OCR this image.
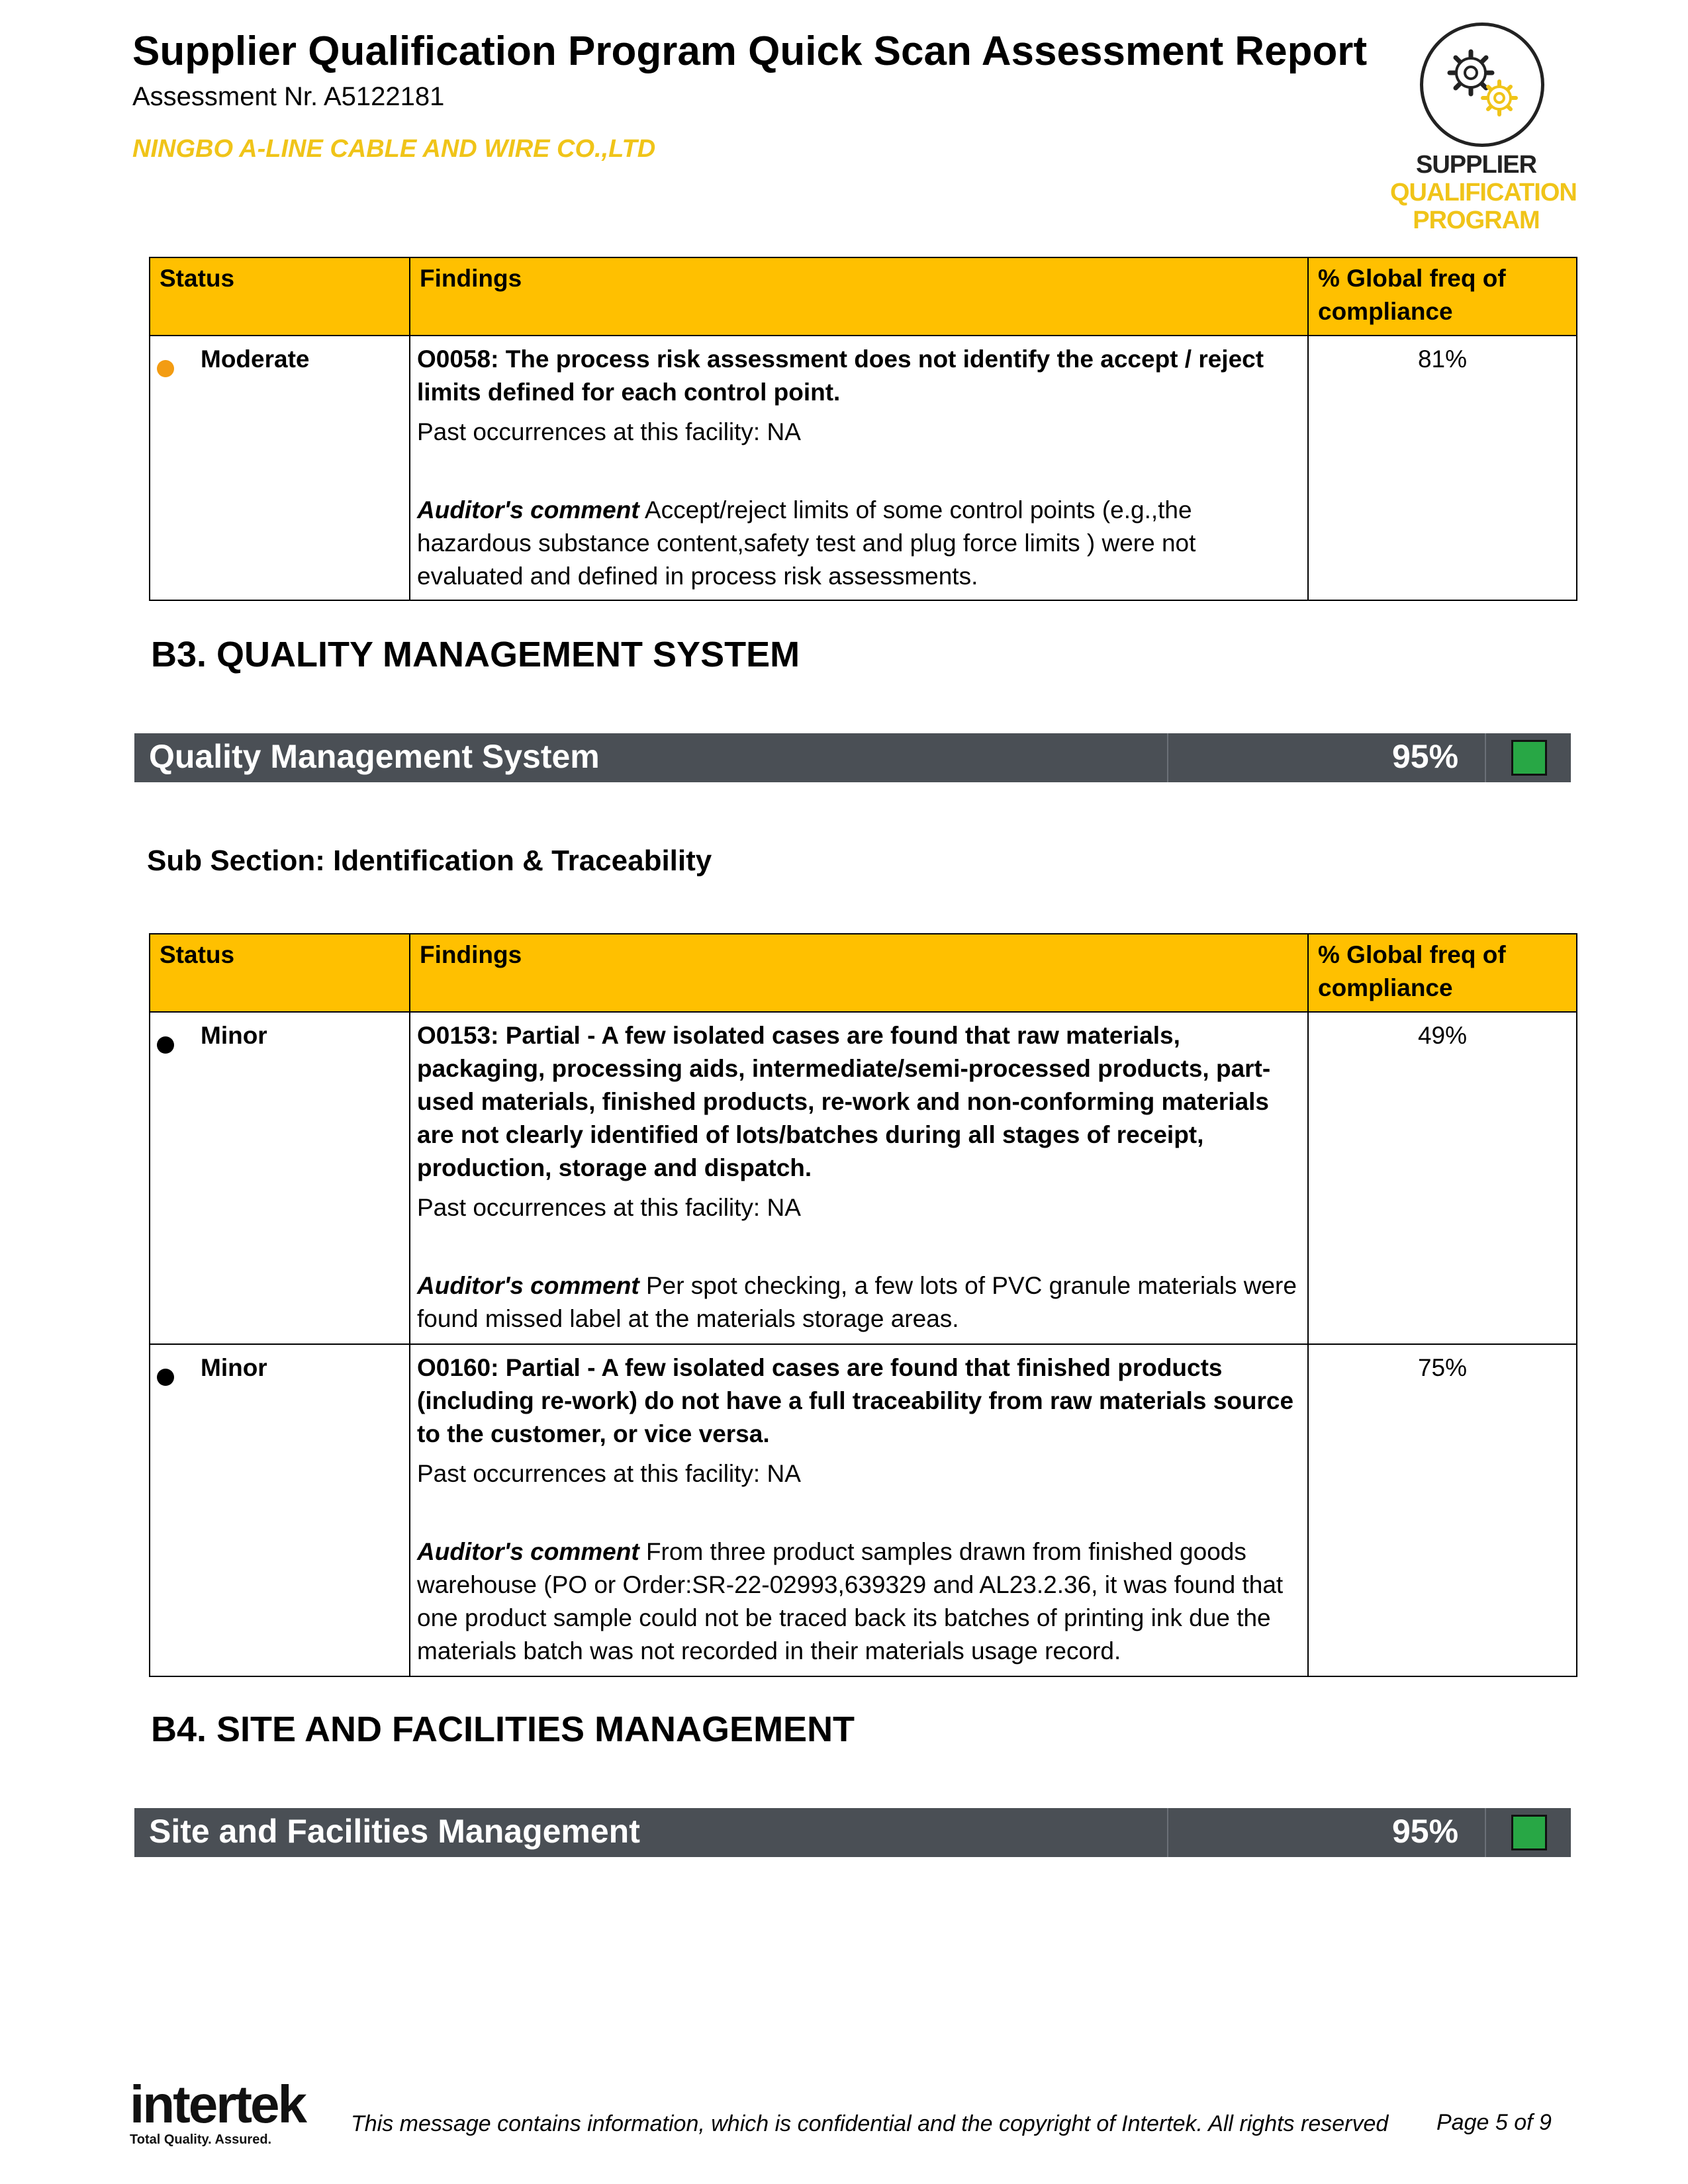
Supplier Qualification Program Quick Scan Assessment Report
Assessment Nr. A5122181
NINGBO A-LINE CABLE AND WIRE CO.,LTD
SUPPLIER
QUALIFICATION
PROGRAM
Status	Findings	% Global freq of compliance

Moderate	O0058: The process risk assessment does not identify the accept / reject limits defined for each control point.
Past occurrences at this facility: NA
Auditor's comment Accept/reject limits of some control points (e.g.,the hazardous substance content,safety test and plug force limits ) were not evaluated and defined in process risk assessments.	81%
B3. QUALITY MANAGEMENT SYSTEM
Quality Management System	95%
Sub Section: Identification & Traceability
Status	Findings	% Global freq of compliance

Minor	O0153: Partial - A few isolated cases are found that raw materials, packaging, processing aids, intermediate/semi-processed products, part-used materials, finished products, re-work and non-conforming materials are not clearly identified of lots/batches during all stages of receipt, production, storage and dispatch.
Past occurrences at this facility: NA
Auditor's comment Per spot checking, a few lots of PVC granule materials were found missed label at the materials storage areas.	49%

Minor	O0160: Partial - A few isolated cases are found that finished products (including re-work) do not have a full traceability from raw materials source to the customer, or vice versa.
Past occurrences at this facility: NA
Auditor's comment From three product samples drawn from finished goods warehouse (PO or Order:SR-22-02993,639329 and AL23.2.36, it was found that one product sample could not be traced back its batches of printing ink due the materials batch was not recorded in their materials usage record.	75%
B4. SITE AND FACILITIES MANAGEMENT
Site and Facilities Management	95%
intertek
Total Quality. Assured.
This message contains information, which is confidential and the copyright of Intertek. All rights reserved Page 5 of 9
